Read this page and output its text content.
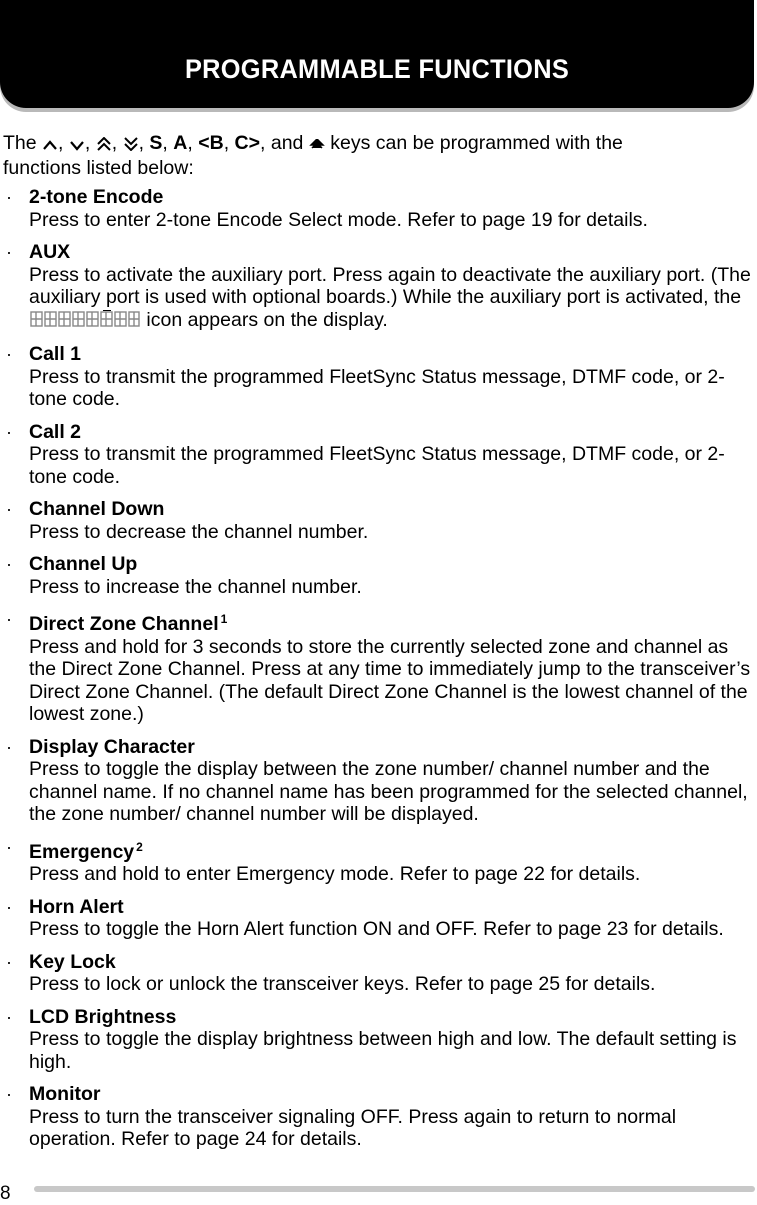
PROGRAMMABLE FUNCTIONS
The , , , , S, A, <B, C>, and keys can be programmed with the
functions listed below:
· 2-tone Encode
Press to enter 2-tone Encode Select mode. Refer to page 19 for details.
· AUX
Press to activate the auxiliary port. Press again to deactivate the auxiliary port. (The auxiliary port is used with optional boards.) While the auxiliary port is activated, the  icon appears on the display.
· Call 1
Press to transmit the programmed FleetSync Status message, DTMF code, or 2-tone code.
· Call 2
Press to transmit the programmed FleetSync Status message, DTMF code, or 2-tone code.
· Channel Down
Press to decrease the channel number.
· Channel Up
Press to increase the channel number.
· Direct Zone Channel $^1$
Press and hold for 3 seconds to store the currently selected zone and channel as the Direct Zone Channel. Press at any time to immediately jump to the transceiver’s Direct Zone Channel. (The default Direct Zone Channel is the lowest channel of the lowest zone.)
· Display Character
Press to toggle the display between the zone number/ channel number and the channel name. If no channel name has been programmed for the selected channel, the zone number/ channel number will be displayed.
· Emergency $^2$
Press and hold to enter Emergency mode. Refer to page 22 for details.
· Horn Alert
Press to toggle the Horn Alert function ON and OFF. Refer to page 23 for details.
· Key Lock
Press to lock or unlock the transceiver keys. Refer to page 25 for details.
· LCD Brightness
Press to toggle the display brightness between high and low. The default setting is high.
· Monitor
Press to turn the transceiver signaling OFF. Press again to return to normal operation. Refer to page 24 for details.
8
